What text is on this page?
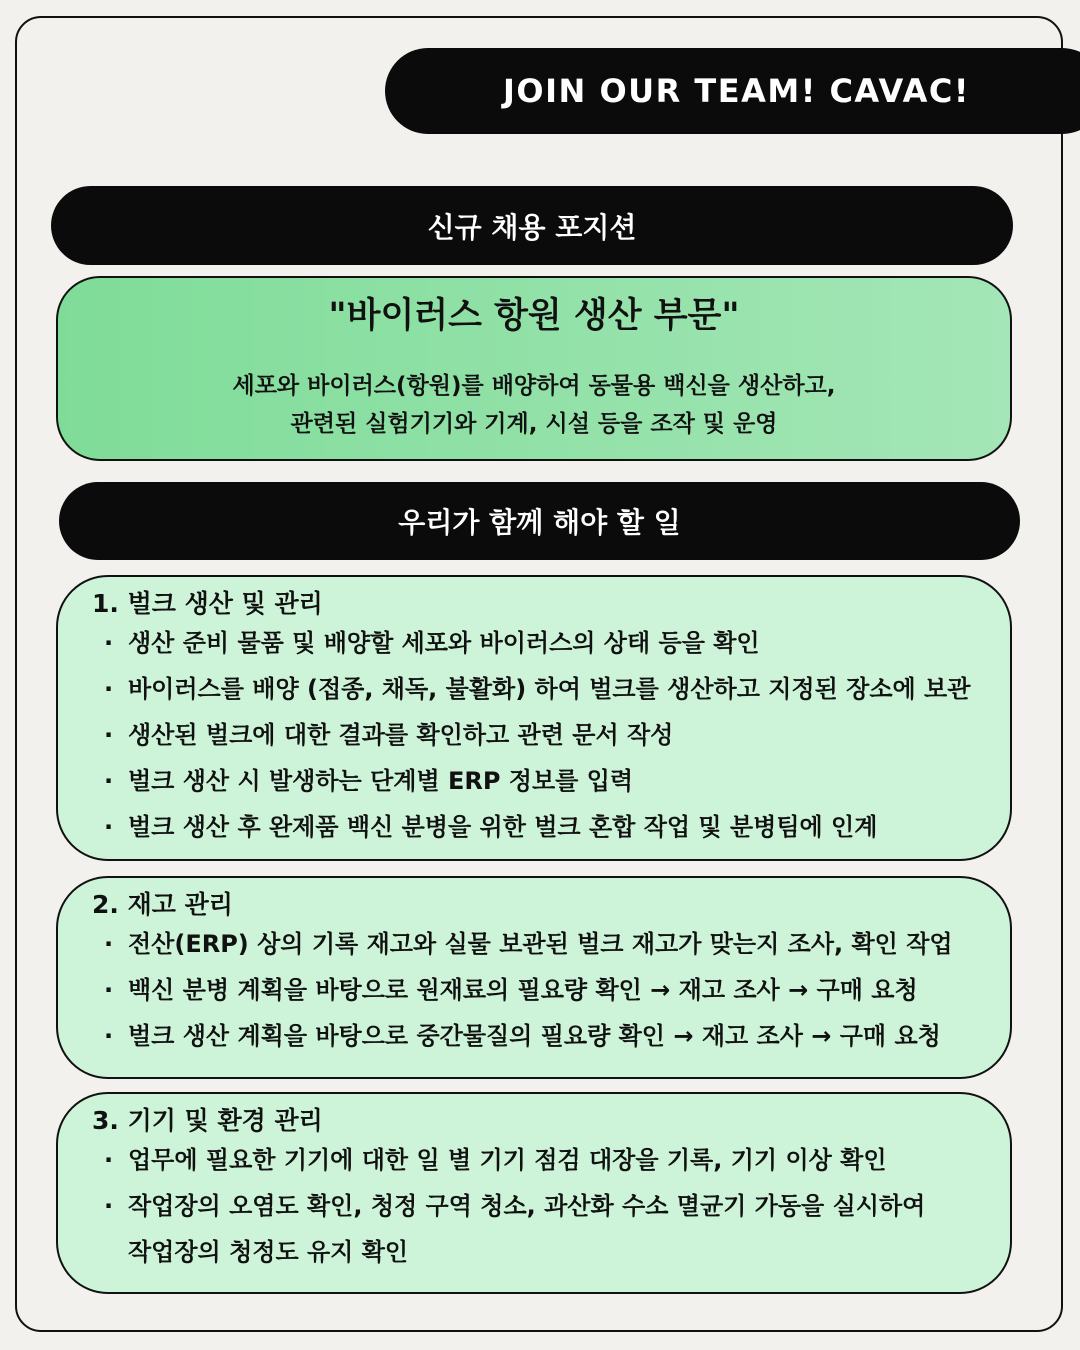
JOIN OUR TEAM! CAVAC!
신규 채용 포지션
"바이러스 항원 생산 부문"
세포와 바이러스(항원)를 배양하여 동물용 백신을 생산하고,
관련된 실험기기와 기계, 시설 등을 조작 및 운영
우리가 함께 해야 할 일
1. 벌크 생산 및 관리
· 생산 준비 물품 및 배양할 세포와 바이러스의 상태 등을 확인
· 바이러스를 배양 (접종, 채독, 불활화) 하여 벌크를 생산하고 지정된 장소에 보관
· 생산된 벌크에 대한 결과를 확인하고 관련 문서 작성
· 벌크 생산 시 발생하는 단계별 ERP 정보를 입력
· 벌크 생산 후 완제품 백신 분병을 위한 벌크 혼합 작업 및 분병팀에 인계
2. 재고 관리
· 전산(ERP) 상의 기록 재고와 실물 보관된 벌크 재고가 맞는지 조사, 확인 작업
· 백신 분병 계획을 바탕으로 원재료의 필요량 확인 → 재고 조사 → 구매 요청
· 벌크 생산 계획을 바탕으로 중간물질의 필요량 확인 → 재고 조사 → 구매 요청
3. 기기 및 환경 관리
· 업무에 필요한 기기에 대한 일 별 기기 점검 대장을 기록, 기기 이상 확인
· 작업장의 오염도 확인, 청정 구역 청소, 과산화 수소 멸균기 가동을 실시하여
작업장의 청정도 유지 확인
